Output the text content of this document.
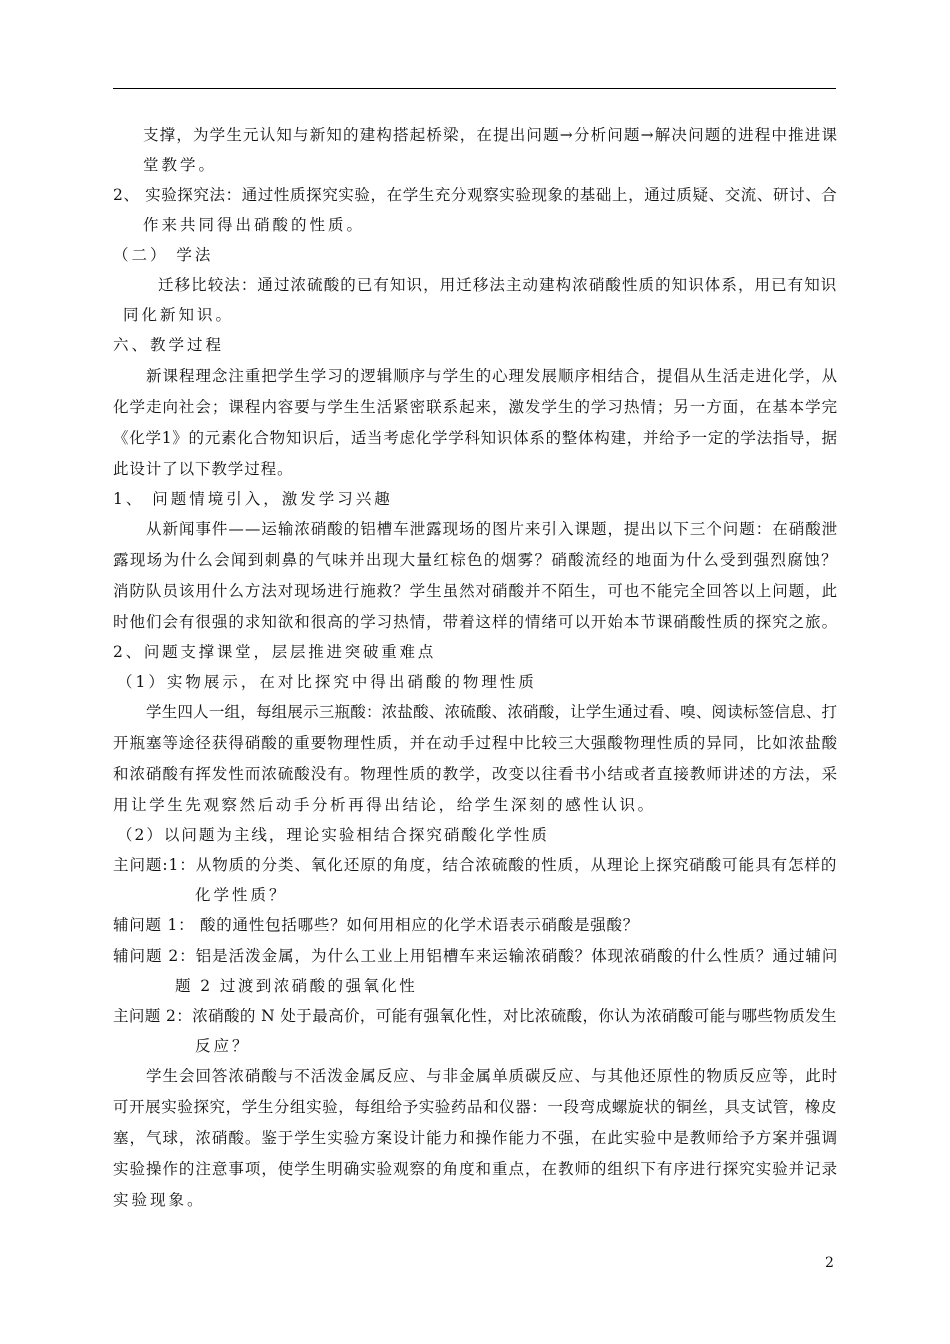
支撑，为学生元认知与新知的建构搭起桥梁，在提出问题→分析问题→解决问题的进程中推进课
堂教学。
2、 实验探究法：通过性质探究实验，在学生充分观察实验现象的基础上，通过质疑、交流、研讨、合
作来共同得出硝酸的性质。
（二） 学法
迁移比较法：通过浓硫酸的已有知识，用迁移法主动建构浓硝酸性质的知识体系，用已有知识
同化新知识。
六、教学过程
新课程理念注重把学生学习的逻辑顺序与学生的心理发展顺序相结合，提倡从生活走进化学，从
化学走向社会；课程内容要与学生生活紧密联系起来，激发学生的学习热情；另一方面，在基本学完
《化学1》的元素化合物知识后，适当考虑化学学科知识体系的整体构建，并给予一定的学法指导，据
此设计了以下教学过程。
1、 问题情境引入，激发学习兴趣
从新闻事件——运输浓硝酸的铝槽车泄露现场的图片来引入课题，提出以下三个问题：在硝酸泄
露现场为什么会闻到刺鼻的气味并出现大量红棕色的烟雾？硝酸流经的地面为什么受到强烈腐蚀？
消防队员该用什么方法对现场进行施救？学生虽然对硝酸并不陌生，可也不能完全回答以上问题，此
时他们会有很强的求知欲和很高的学习热情，带着这样的情绪可以开始本节课硝酸性质的探究之旅。
2、问题支撑课堂，层层推进突破重难点
（1）实物展示，在对比探究中得出硝酸的物理性质
学生四人一组，每组展示三瓶酸：浓盐酸、浓硫酸、浓硝酸，让学生通过看、嗅、阅读标签信息、打
开瓶塞等途径获得硝酸的重要物理性质，并在动手过程中比较三大强酸物理性质的异同，比如浓盐酸
和浓硝酸有挥发性而浓硫酸没有。物理性质的教学，改变以往看书小结或者直接教师讲述的方法，采
用让学生先观察然后动手分析再得出结论，给学生深刻的感性认识。
（2）以问题为主线，理论实验相结合探究硝酸化学性质
主问题:1：从物质的分类、氧化还原的角度，结合浓硫酸的性质，从理论上探究硝酸可能具有怎样的
化学性质？
辅问题 1： 酸的通性包括哪些？如何用相应的化学术语表示硝酸是强酸？
辅问题 2：铝是活泼金属，为什么工业上用铝槽车来运输浓硝酸？体现浓硝酸的什么性质？通过辅问
题 2 过渡到浓硝酸的强氧化性
主问题 2：浓硝酸的 N 处于最高价，可能有强氧化性，对比浓硫酸，你认为浓硝酸可能与哪些物质发生
反应？
学生会回答浓硝酸与不活泼金属反应、与非金属单质碳反应、与其他还原性的物质反应等，此时
可开展实验探究，学生分组实验，每组给予实验药品和仪器：一段弯成螺旋状的铜丝，具支试管，橡皮
塞，气球，浓硝酸。鉴于学生实验方案设计能力和操作能力不强，在此实验中是教师给予方案并强调
实验操作的注意事项，使学生明确实验观察的角度和重点，在教师的组织下有序进行探究实验并记录
实验现象。
2
